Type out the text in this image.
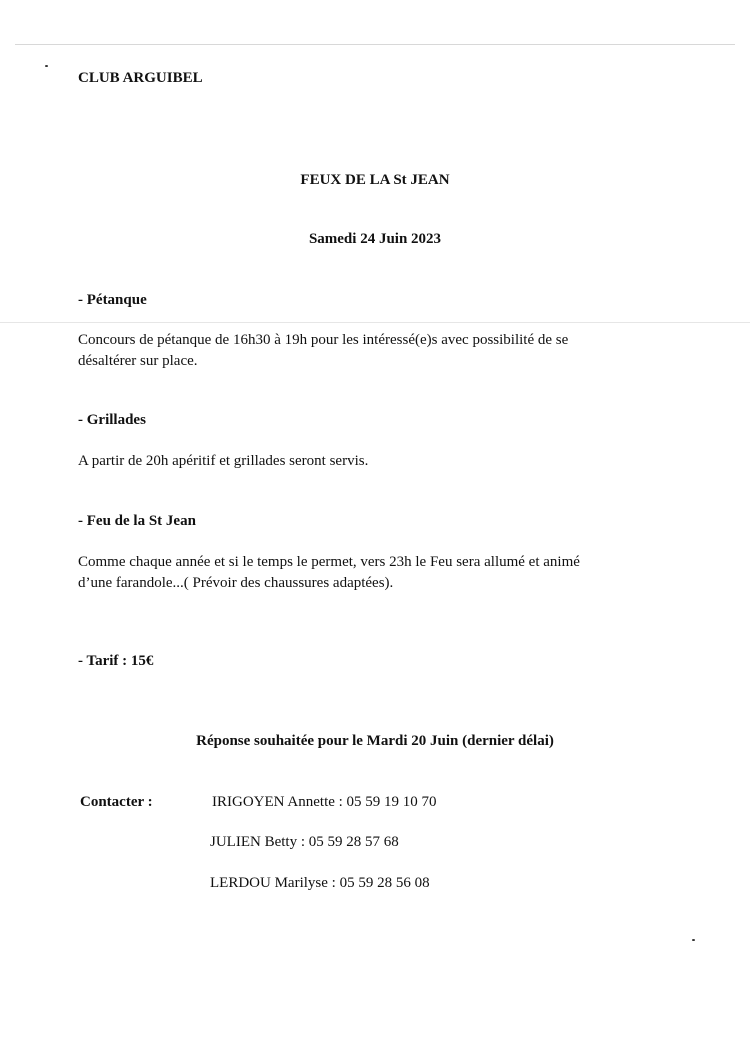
CLUB ARGUIBEL
FEUX DE LA St JEAN
Samedi 24 Juin 2023
- Pétanque
Concours de pétanque de 16h30 à 19h pour les intéressé(e)s avec possibilité de se
désaltérer sur place.
- Grillades
A partir de 20h apéritif et grillades seront servis.
- Feu de la St Jean
Comme chaque année et si le temps le permet, vers 23h le Feu sera allumé et animé
d’une farandole...( Prévoir des chaussures adaptées).
- Tarif : 15€
Réponse souhaitée pour le Mardi 20 Juin (dernier délai)
Contacter :	IRIGOYEN Annette : 05 59 19 10 70
JULIEN Betty : 05 59 28 57 68
LERDOU Marilyse : 05 59 28 56 08
